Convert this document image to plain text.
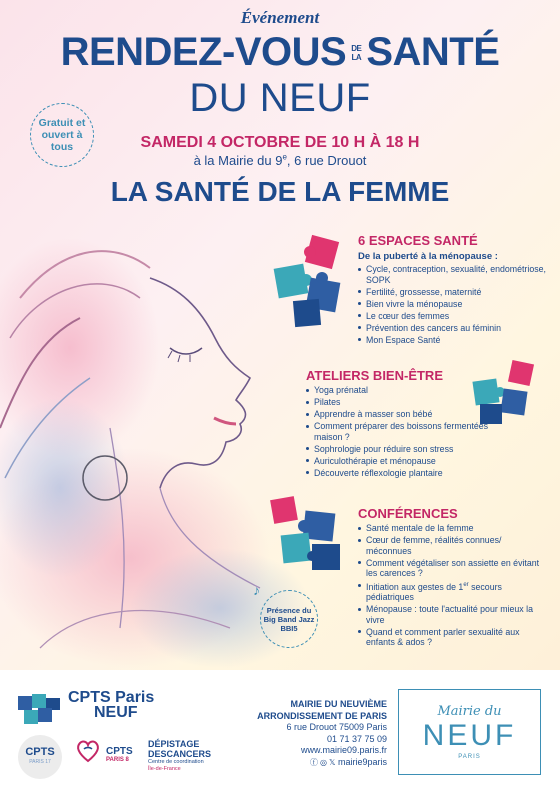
Événement
RENDEZ-VOUS DE
LA SANTÉ
DU NEUF
Gratuit et ouvert à tous	SAMEDI 4 OCTOBRE DE 10 H À 18 H
à la Mairie du 9e, 6 rue Drouot
LA SANTÉ DE LA FEMME
6 ESPACES SANTÉ
De la puberté à la ménopause :
Cycle, contraception, sexualité, endométriose, SOPK
Fertilité, grossesse, maternité
Bien vivre la ménopause
Le cœur des femmes
Prévention des cancers au féminin
Mon Espace Santé
ATELIERS BIEN-ÊTRE
Yoga prénatal
Pilates
Apprendre à masser son bébé
Comment préparer des boissons fermentées maison ?
Sophrologie pour réduire son stress
Auriculothérapie et ménopause
Découverte réflexologie plantaire
CONFÉRENCES
Santé mentale de la femme
Cœur de femme, réalités connues/ méconnues
Comment végétaliser son assiette en évitant les carences ?
Initiation aux gestes de 1er secours pédiatriques
Ménopause : toute l'actualité pour mieux la vivre
Quand et comment parler sexualité aux enfants & ados ?
♪
Présence du Big Band Jazz BBI5
CPTS Paris
NEUF
CPTS
PARIS 17
CPTS
PARIS 8
DÉPISTAGE
DESCANCERS
Centre de coordination
Île-de-France
MAIRIE DU NEUVIÈME
ARRONDISSEMENT DE PARIS
6 rue Drouot 75009 Paris
01 71 37 75 09
www.mairie09.paris.fr
ⓕ ◎ 𝕏 mairie9paris
Mairie du
NEUF
PARIS
